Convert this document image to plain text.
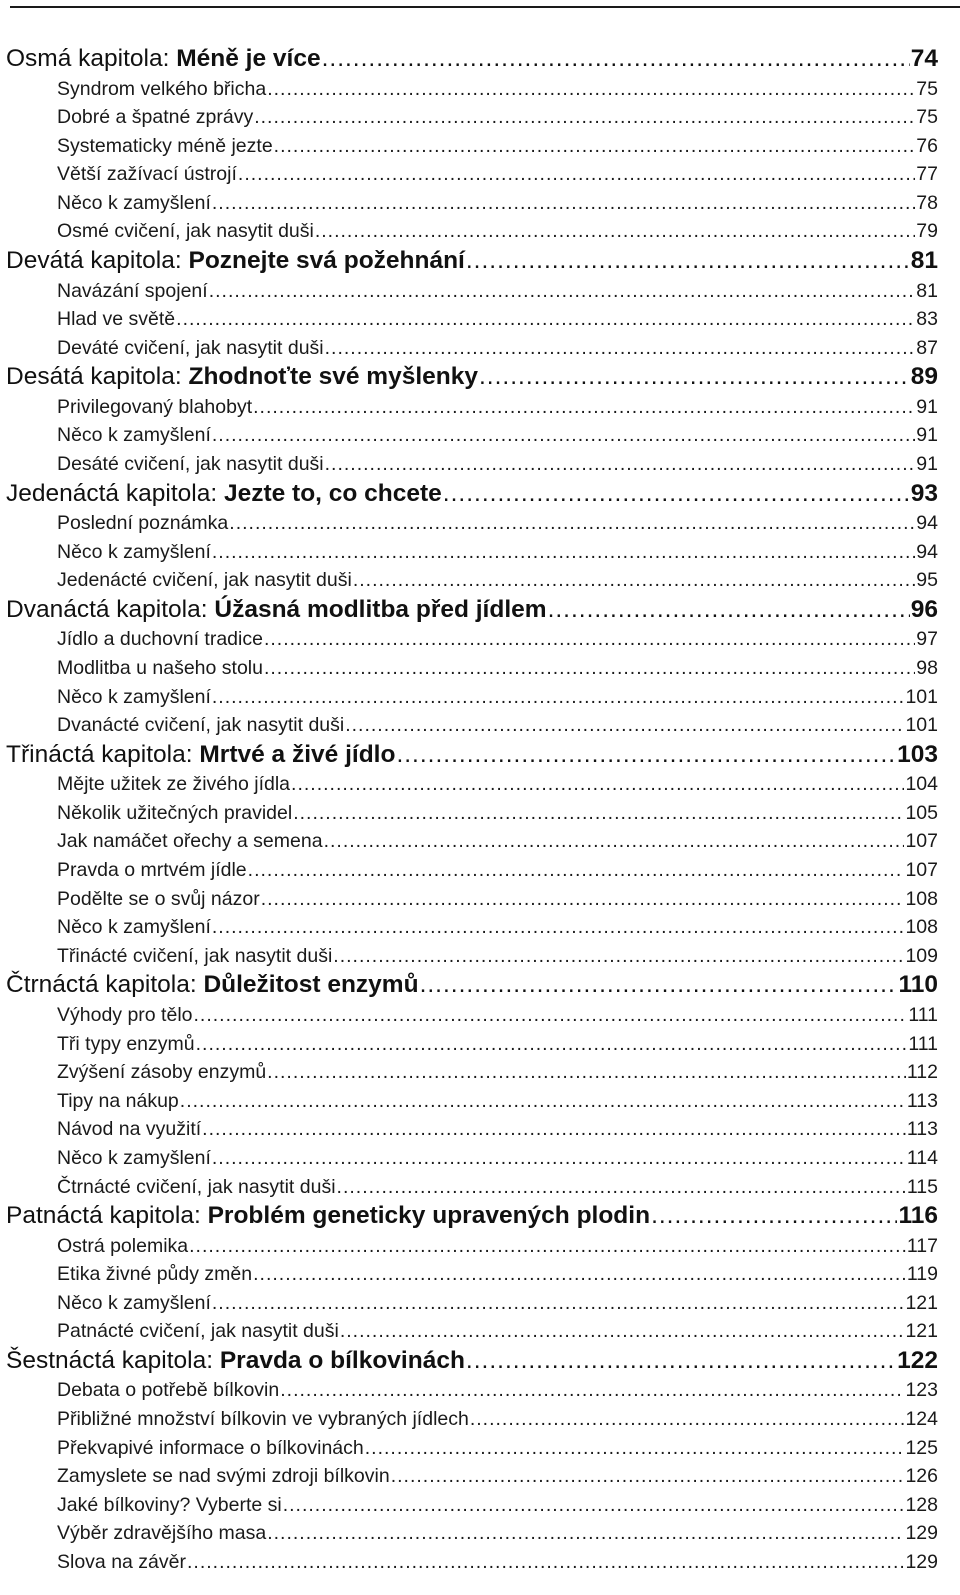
Osmá kapitola: Méně je více .....	74
Syndrom velkého břicha .....	75
Dobré a špatné zprávy .....	75
Systematicky méně jezte .....	76
Větší zažívací ústrojí .....	77
Něco k zamyšlení .....	78
Osmé cvičení, jak nasytit duši .....	79
Devátá kapitola: Poznejte svá požehnání .....	81
Navázání spojení .....	81
Hlad ve světě .....	83
Deváté cvičení, jak nasytit duši .....	87
Desátá kapitola: Zhodnoťte své myšlenky .....	89
Privilegovaný blahobyt .....	91
Něco k zamyšlení .....	91
Desáté cvičení, jak nasytit duši .....	91
Jedenáctá kapitola: Jezte to, co chcete .....	93
Poslední poznámka .....	94
Něco k zamyšlení .....	94
Jedenácté cvičení, jak nasytit duši .....	95
Dvanáctá kapitola: Úžasná modlitba před jídlem .....	96
Jídlo a duchovní tradice .....	97
Modlitba u našeho stolu .....	98
Něco k zamyšlení .....	101
Dvanácté cvičení, jak nasytit duši .....	101
Třináctá kapitola: Mrtvé a živé jídlo .....	103
Mějte užitek ze živého jídla .....	104
Několik užitečných pravidel .....	105
Jak namáčet ořechy a semena .....	107
Pravda o mrtvém jídle .....	107
Podělte se o svůj názor .....	108
Něco k zamyšlení .....	108
Třinácté cvičení, jak nasytit duši .....	109
Čtrnáctá kapitola: Důležitost enzymů .....	110
Výhody pro tělo .....	111
Tři typy enzymů .....	111
Zvýšení zásoby enzymů .....	112
Tipy na nákup .....	113
Návod na využití .....	113
Něco k zamyšlení .....	114
Čtrnácté cvičení, jak nasytit duši .....	115
Patnáctá kapitola: Problém geneticky upravených plodin .....	116
Ostrá polemika .....	117
Etika živné půdy změn .....	119
Něco k zamyšlení .....	121
Patnácté cvičení, jak nasytit duši .....	121
Šestnáctá kapitola: Pravda o bílkovinách .....	122
Debata o potřebě bílkovin .....	123
Přibližné množství bílkovin ve vybraných jídlech .....	124
Překvapivé informace o bílkovinách .....	125
Zamyslete se nad svými zdroji bílkovin .....	126
Jaké bílkoviny? Vyberte si .....	128
Výběr zdravějšího masa .....	129
Slova na závěr .....	129
